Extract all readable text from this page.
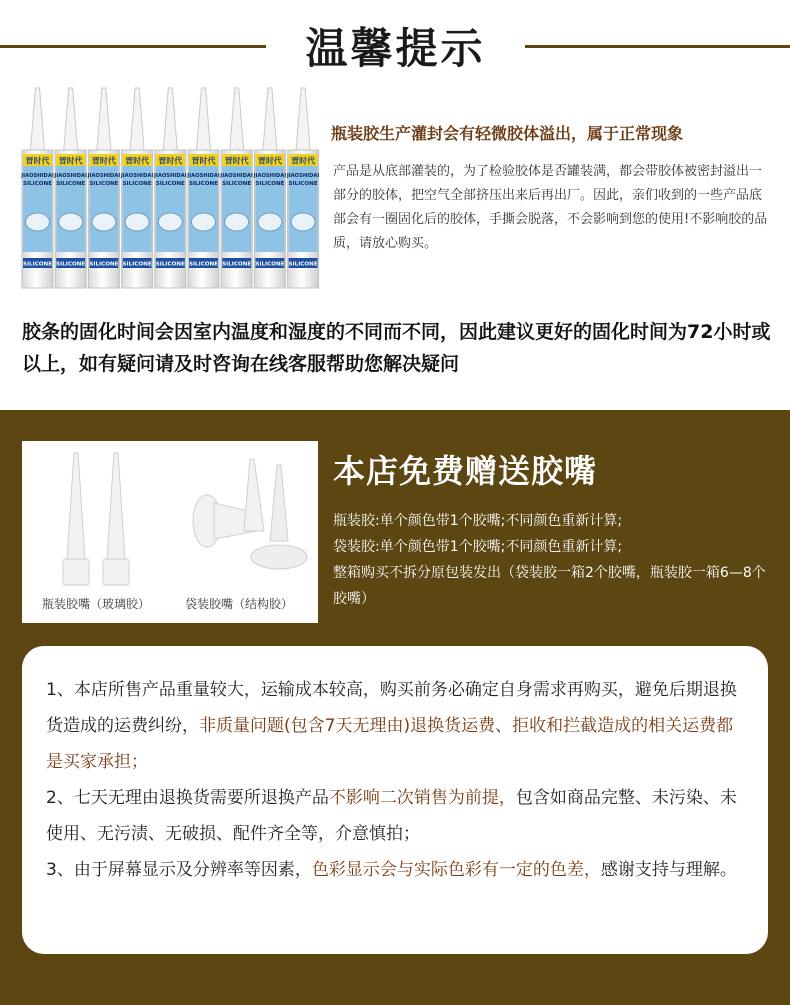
温馨提示
晋时代
JIAOSHIDAI
SILICONE
SILICONE
晋时代
JIAOSHIDAI
SILICONE
SILICONE
晋时代
JIAOSHIDAI
SILICONE
SILICONE
晋时代
JIAOSHIDAI
SILICONE
SILICONE
晋时代
JIAOSHIDAI
SILICONE
SILICONE
晋时代
JIAOSHIDAI
SILICONE
SILICONE
晋时代
JIAOSHIDAI
SILICONE
SILICONE
晋时代
JIAOSHIDAI
SILICONE
SILICONE
晋时代
JIAOSHIDAI
SILICONE
SILICONE
瓶装胶生产灌封会有轻微胶体溢出，属于正常现象
产品是从底部灌装的，为了检验胶体是否罐装满，都会带胶体被密封溢出一部分的胶体，把空气全部挤压出来后再出厂。因此，亲们收到的一些产品底部会有一圈固化后的胶体，手撕会脱落，不会影响到您的使用!不影响胶的品质，请放心购买。
胶条的固化时间会因室内温度和湿度的不同而不同，因此建议更好的固化时间为72小时或以上，如有疑问请及时咨询在线客服帮助您解决疑问
瓶装胶嘴（玻璃胶）	袋装胶嘴（结构胶）
本店免费赠送胶嘴
瓶装胶:单个颜色带1个胶嘴;不同颜色重新计算;
袋装胶:单个颜色带1个胶嘴;不同颜色重新计算;
整箱购买不拆分原包装发出（袋装胶一箱2个胶嘴，瓶装胶一箱6—8个胶嘴）
1、本店所售产品重量较大，运输成本较高，购买前务必确定自身需求再购买，避免后期退换货造成的运费纠纷，非质量问题(包含7天无理由)退换货运费、拒收和拦截造成的相关运费都是买家承担；
2、七天无理由退换货需要所退换产品不影响二次销售为前提，包含如商品完整、未污染、未使用、无污渍、无破损、配件齐全等，介意慎拍；
3、由于屏幕显示及分辨率等因素，色彩显示会与实际色彩有一定的色差，感谢支持与理解。
